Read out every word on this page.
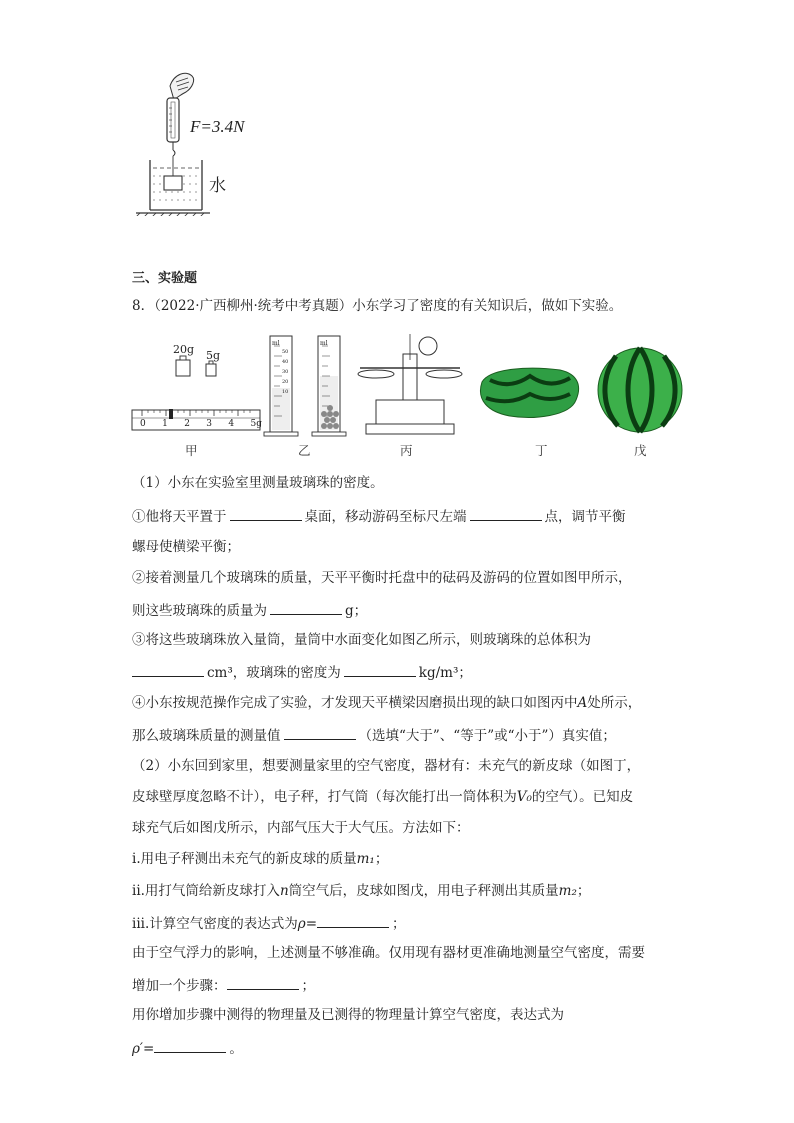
F=3.4N
水
三、实验题
8．（2022·广西柳州·统考中考真题）小东学习了密度的有关知识后，做如下实验。
20g 5g
0 1 2 3 4 5g
ml	ml
50
40
30
20
10
甲	乙	丙	丁	戊
（1）小东在实验室里测量玻璃珠的密度。
①他将天平置于	桌面，移动游码至标尺左端	点，调节平衡
螺母使横梁平衡；
②接着测量几个玻璃珠的质量，天平平衡时托盘中的砝码及游码的位置如图甲所示，
则这些玻璃珠的质量为	g；
③将这些玻璃珠放入量筒，量筒中水面变化如图乙所示，则玻璃珠的总体积为
cm³，玻璃珠的密度为	kg/m³；
④小东按规范操作完成了实验，才发现天平横梁因磨损出现的缺口如图丙中A处所示，
那么玻璃珠质量的测量值	（选填“大于”、“等于”或“小于”）真实值；
（2）小东回到家里，想要测量家里的空气密度，器材有：未充气的新皮球（如图丁，
皮球壁厚度忽略不计），电子秤，打气筒（每次能打出一筒体积为V₀的空气）。已知皮
球充气后如图戊所示，内部气压大于大气压。方法如下：
i.用电子秤测出未充气的新皮球的质量m₁；
ii.用打气筒给新皮球打入n筒空气后，皮球如图戊，用电子秤测出其质量m₂；
iii.计算空气密度的表达式为ρ=	；
由于空气浮力的影响，上述测量不够准确。仅用现有器材更准确地测量空气密度，需要
增加一个步骤：	；
用你增加步骤中测得的物理量及已测得的物理量计算空气密度，表达式为
ρ′=	。
